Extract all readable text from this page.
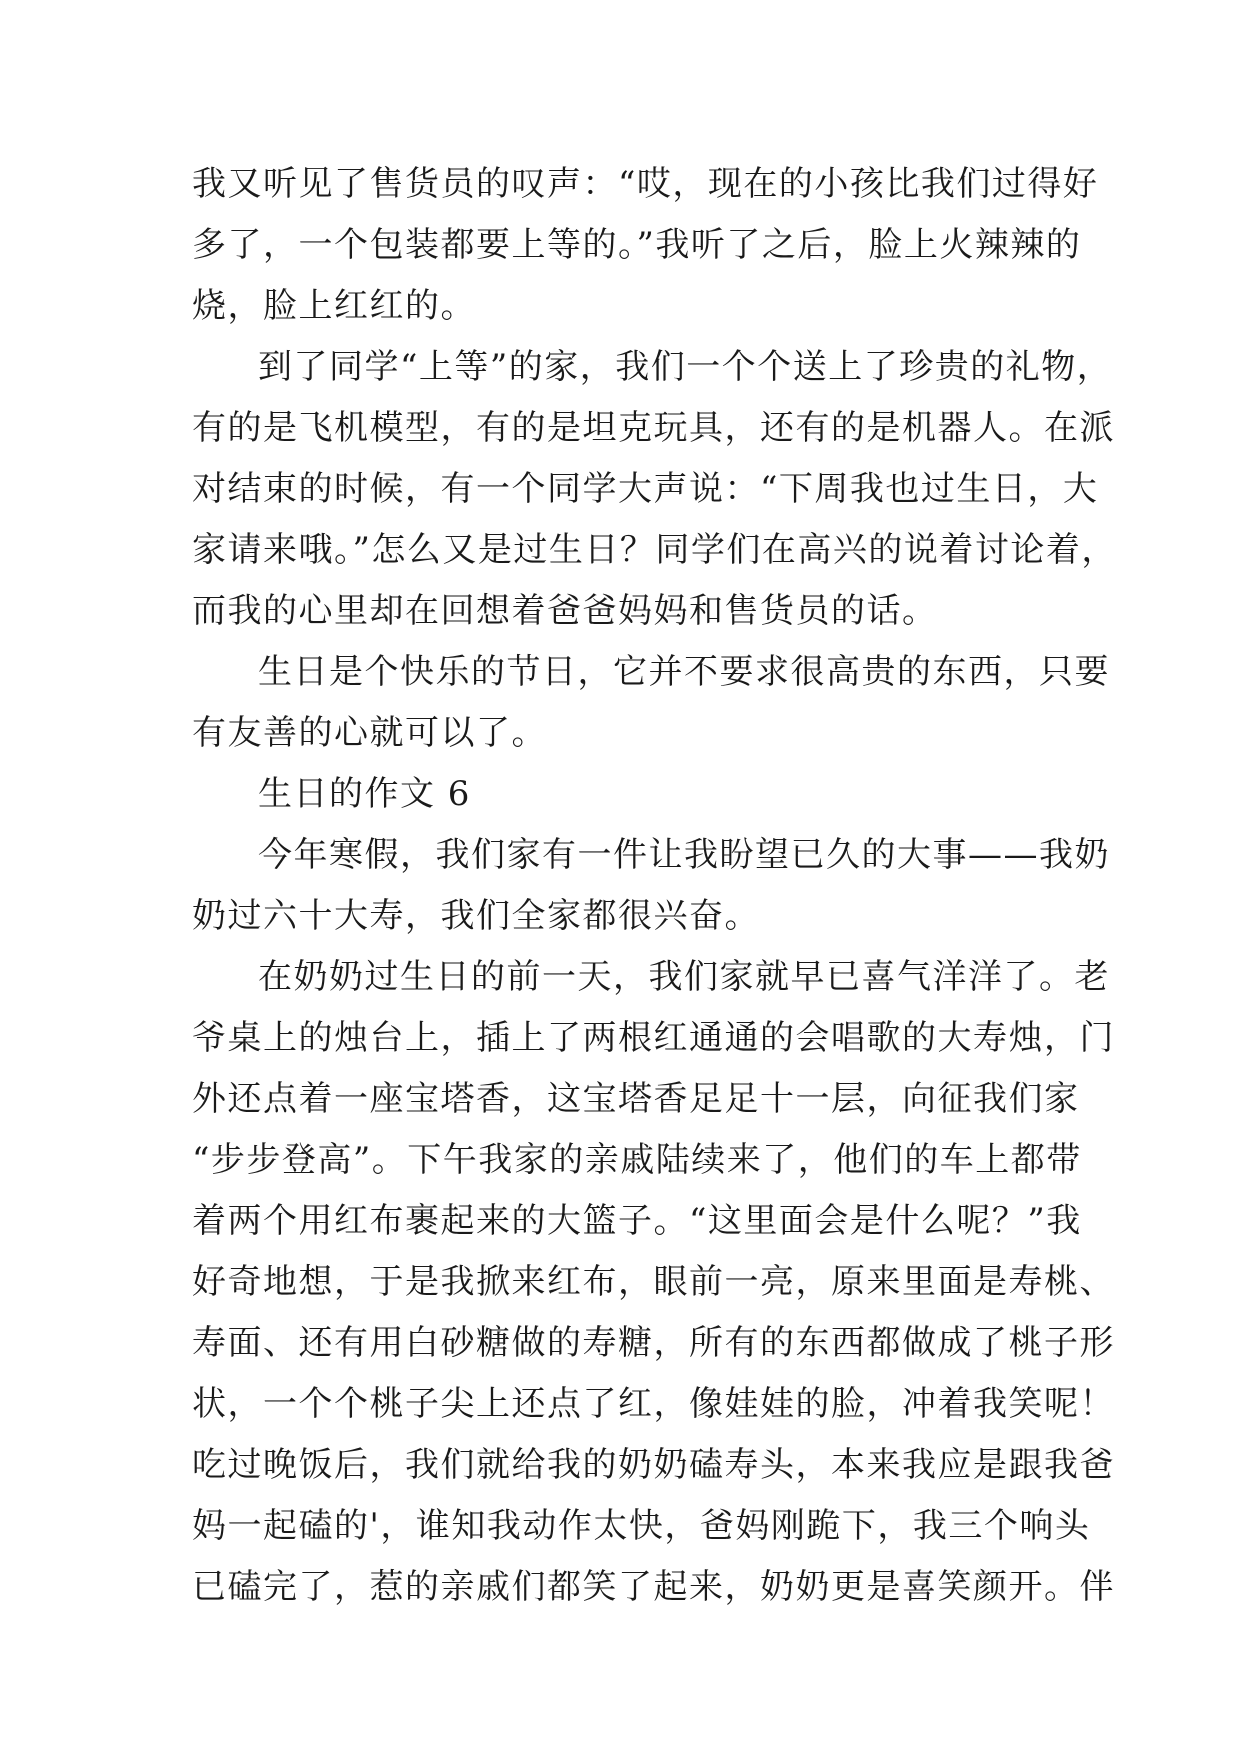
我又听见了售货员的叹声：“哎，现在的小孩比我们过得好
多了，一个包装都要上等的。”我听了之后，脸上火辣辣的
烧，脸上红红的。
到了同学“上等”的家，我们一个个送上了珍贵的礼物，
有的是飞机模型，有的是坦克玩具，还有的是机器人。在派
对结束的时候，有一个同学大声说：“下周我也过生日，大
家请来哦。”怎么又是过生日？同学们在高兴的说着讨论着，
而我的心里却在回想着爸爸妈妈和售货员的话。
生日是个快乐的节日，它并不要求很高贵的东西，只要
有友善的心就可以了。
生日的作文 6
今年寒假，我们家有一件让我盼望已久的大事——我奶
奶过六十大寿，我们全家都很兴奋。
在奶奶过生日的前一天，我们家就早已喜气洋洋了。老
爷桌上的烛台上，插上了两根红通通的会唱歌的大寿烛，门
外还点着一座宝塔香，这宝塔香足足十一层，向征我们家
“步步登高”。下午我家的亲戚陆续来了，他们的车上都带
着两个用红布裹起来的大篮子。“这里面会是什么呢？”我
好奇地想，于是我掀来红布，眼前一亮，原来里面是寿桃、
寿面、还有用白砂糖做的寿糖，所有的东西都做成了桃子形
状，一个个桃子尖上还点了红，像娃娃的脸，冲着我笑呢！
吃过晚饭后，我们就给我的奶奶磕寿头，本来我应是跟我爸
妈一起磕的'，谁知我动作太快，爸妈刚跪下，我三个响头
已磕完了，惹的亲戚们都笑了起来，奶奶更是喜笑颜开。伴
